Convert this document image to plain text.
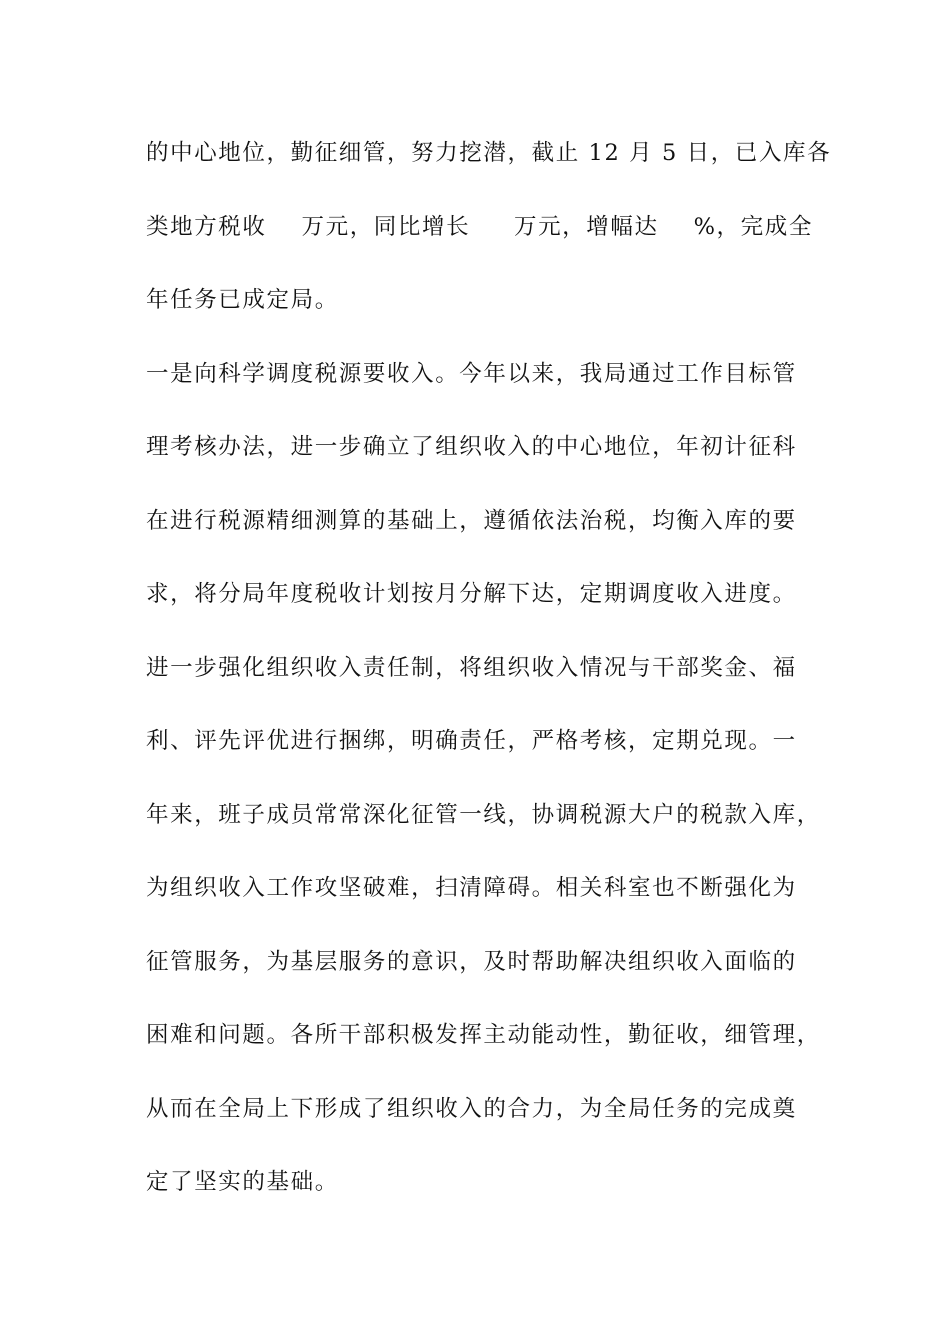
的中心地位，勤征细管，努力挖潜，截止 12 月 5 日，已入库各
类地方税收    万元，同比增长     万元，增幅达    %，完成全
年任务已成定局。
一是向科学调度税源要收入。今年以来，我局通过工作目标管
理考核办法，进一步确立了组织收入的中心地位，年初计征科
在进行税源精细测算的基础上，遵循依法治税，均衡入库的要
求，将分局年度税收计划按月分解下达，定期调度收入进度。
进一步强化组织收入责任制，将组织收入情况与干部奖金、福
利、评先评优进行捆绑，明确责任，严格考核，定期兑现。一
年来，班子成员常常深化征管一线，协调税源大户的税款入库，
为组织收入工作攻坚破难，扫清障碍。相关科室也不断强化为
征管服务，为基层服务的意识，及时帮助解决组织收入面临的
困难和问题。各所干部积极发挥主动能动性，勤征收，细管理，
从而在全局上下形成了组织收入的合力，为全局任务的完成奠
定了坚实的基础。
